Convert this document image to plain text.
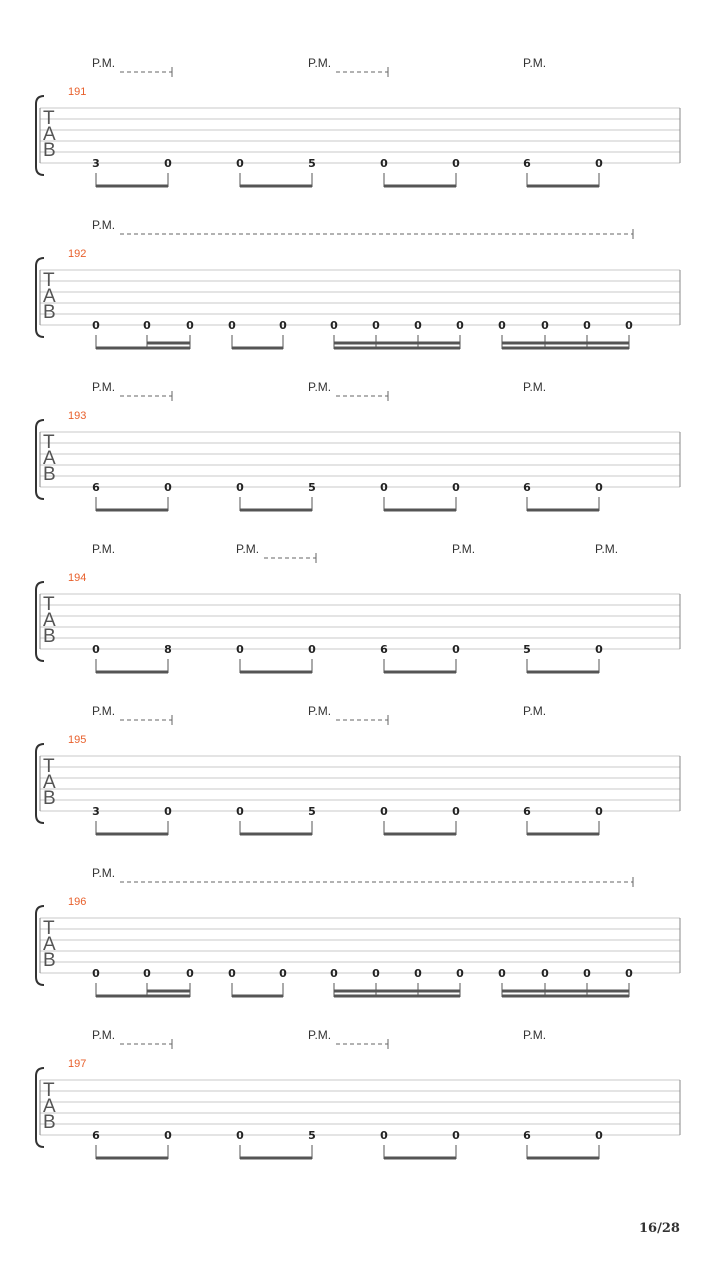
191
T
A
B
P.M.	P.M.	P.M.
3	0	0	5	0	0	6	0
192
T
A
B
P.M.
0	0	0	0	0	0	0	0	0	0	0	0	0
193
T
A
B
P.M.	P.M.	P.M.
6	0	0	5	0	0	6	0
194
T
A
B
P.M.	P.M.	P.M.	P.M.
0	8	0	0	6	0	5	0
195
T
A
B
P.M.	P.M.	P.M.
3	0	0	5	0	0	6	0
196
T
A
B
P.M.
0	0	0	0	0	0	0	0	0	0	0	0	0
197
T
A
B
P.M.	P.M.	P.M.
6	0	0	5	0	0	6	0
16/28
